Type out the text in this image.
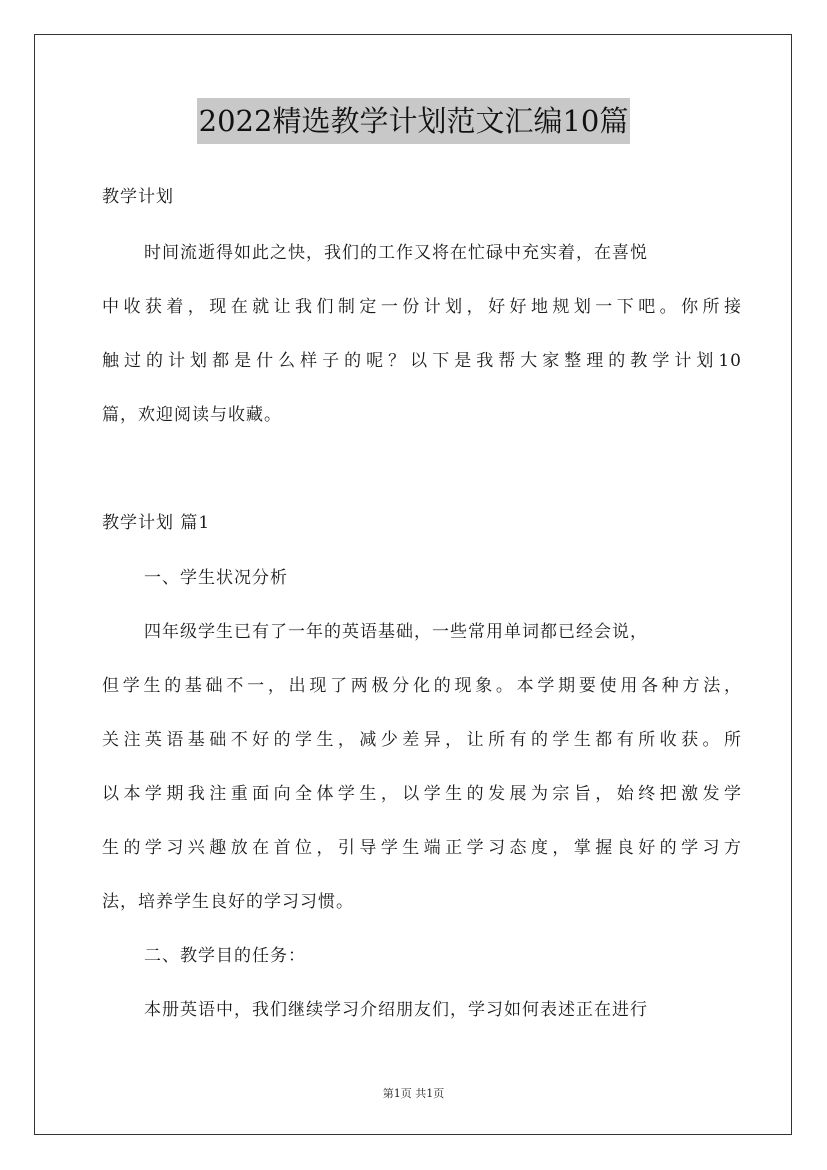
2022精选教学计划范文汇编10篇
教学计划
时间流逝得如此之快，我们的工作又将在忙碌中充实着，在喜悦
中收获着，现在就让我们制定一份计划，好好地规划一下吧。你所接
触过的计划都是什么样子的呢？以下是我帮大家整理的教学计划10
篇，欢迎阅读与收藏。
教学计划 篇1
一、学生状况分析
四年级学生已有了一年的英语基础，一些常用单词都已经会说，
但学生的基础不一，出现了两极分化的现象。本学期要使用各种方法，
关注英语基础不好的学生，减少差异，让所有的学生都有所收获。所
以本学期我注重面向全体学生，以学生的发展为宗旨，始终把激发学
生的学习兴趣放在首位，引导学生端正学习态度，掌握良好的学习方
法，培养学生良好的学习习惯。
二、教学目的任务：
本册英语中，我们继续学习介绍朋友们，学习如何表述正在进行
第1页 共1页
